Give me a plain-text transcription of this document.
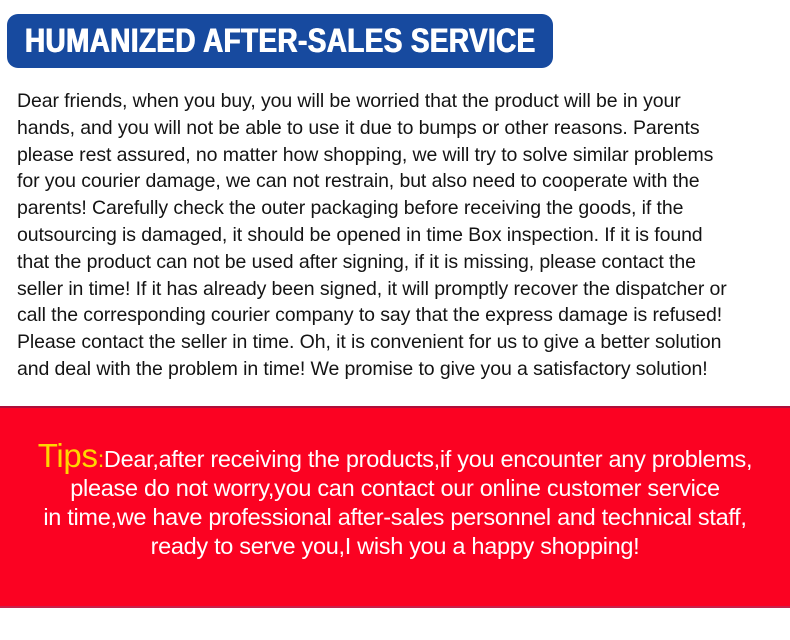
HUMANIZED AFTER-SALES SERVICE
Dear friends, when you buy, you will be worried that the product will be in your
hands, and you will not be able to use it due to bumps or other reasons. Parents
please rest assured, no matter how shopping, we will try to solve similar problems
for you courier damage, we can not restrain, but also need to cooperate with the
parents! Carefully check the outer packaging before receiving the goods, if the
outsourcing is damaged, it should be opened in time Box inspection. If it is found
that the product can not be used after signing, if it is missing, please contact the
seller in time! If it has already been signed, it will promptly recover the dispatcher or
call the corresponding courier company to say that the express damage is refused!
Please contact the seller in time. Oh, it is convenient for us to give a better solution
and deal with the problem in time! We promise to give you a satisfactory solution!
Tips:Dear,after receiving the products,if you encounter any problems,
please do not worry,you can contact our online customer service
in time,we have professional after-sales personnel and technical staff,
ready to serve you,I wish you a happy shopping!
